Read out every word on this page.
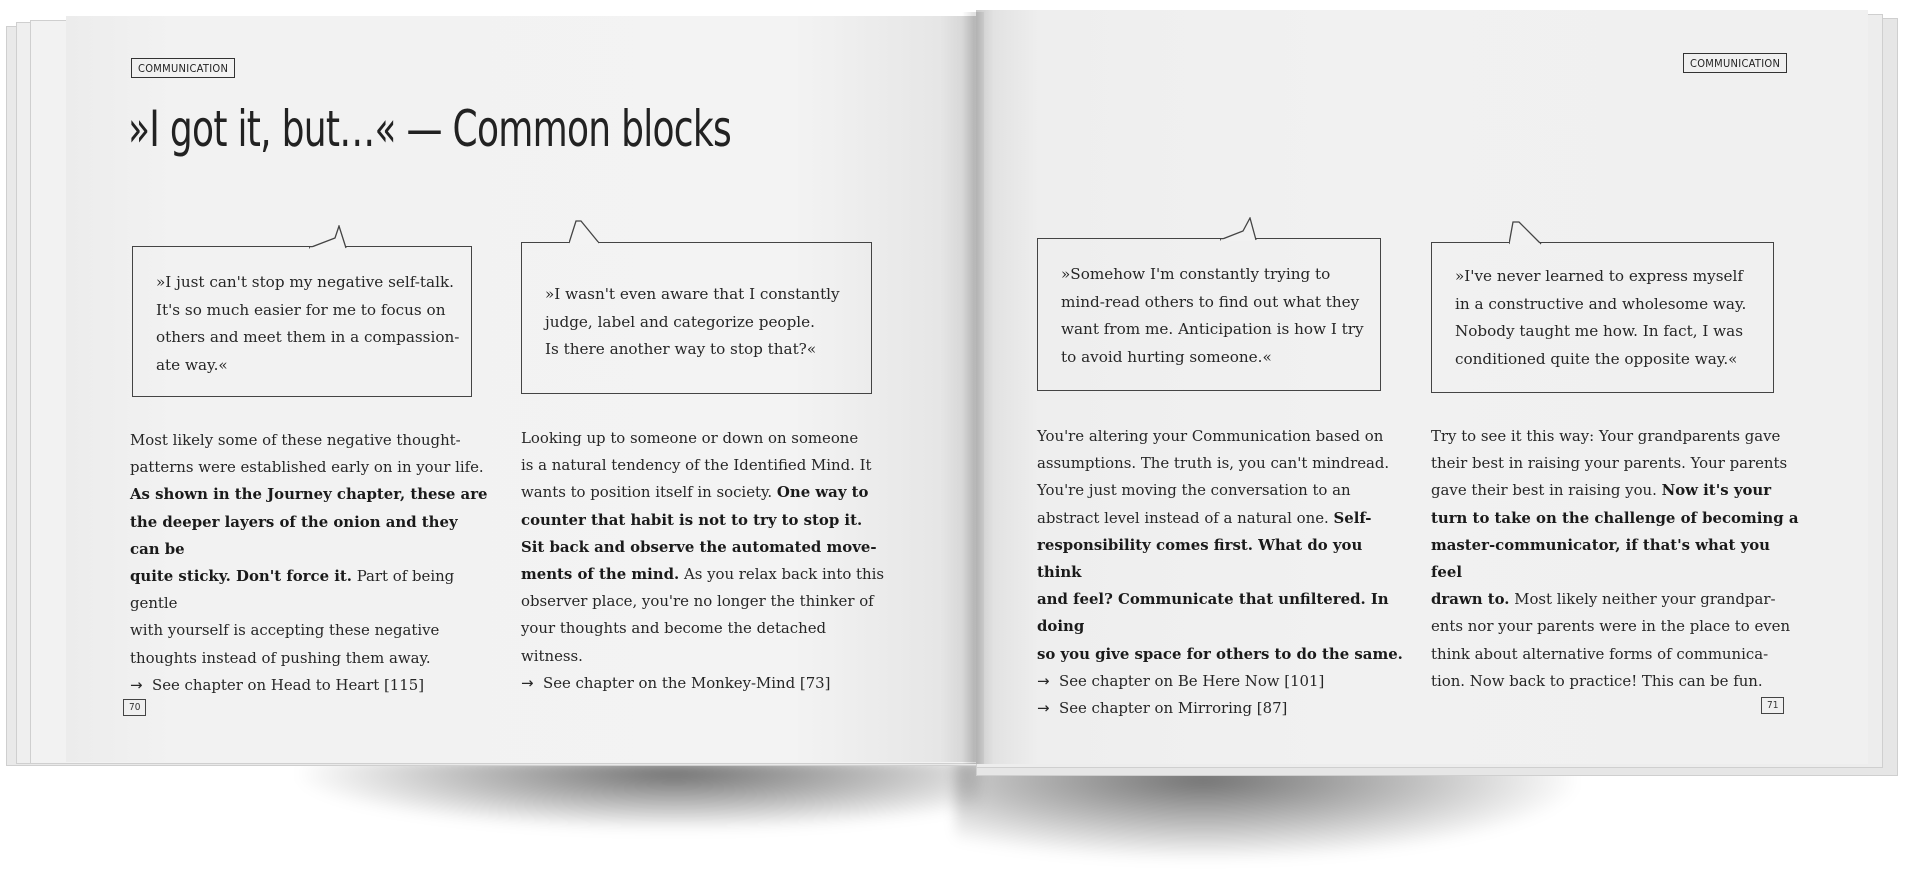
COMMUNICATION
»I got it, but…« — Common blocks

»I just can't stop my negative self-talk.

It's so much easier for me to focus on

others and meet them in a compassion-

ate way.«

»I wasn't even aware that I constantly

judge, label and categorize people.

Is there another way to stop that?«

Most likely some of these negative thought-

patterns were established early on in your life.

As shown in the Journey chapter, these are

the deeper layers of the onion and they can be

quite sticky. Don't force it. Part of being gentle

with yourself is accepting these negative

thoughts instead of pushing them away.

→ See chapter on Head to Heart [115]

Looking up to someone or down on someone

is a natural tendency of the Identified Mind. It

wants to position itself in society. One way to

counter that habit is not to try to stop it.

Sit back and observe the automated move-

ments of the mind. As you relax back into this

observer place, you're no longer the thinker of

your thoughts and become the detached witness.

→ See chapter on the Monkey-Mind [73]

70
COMMUNICATION

»Somehow I'm constantly trying to

mind-read others to find out what they

want from me. Anticipation is how I try

to avoid hurting someone.«

»I've never learned to express myself

in a constructive and wholesome way.

Nobody taught me how. In fact, I was

conditioned quite the opposite way.«

You're altering your Communication based on

assumptions. The truth is, you can't mindread.

You're just moving the conversation to an

abstract level instead of a natural one. Self-

responsibility comes first. What do you think

and feel? Communicate that unfiltered. In doing

so you give space for others to do the same.

→ See chapter on Be Here Now [101]

→ See chapter on Mirroring [87]

Try to see it this way: Your grandparents gave

their best in raising your parents. Your parents

gave their best in raising you. Now it's your

turn to take on the challenge of becoming a

master-communicator, if that's what you feel

drawn to. Most likely neither your grandpar-

ents nor your parents were in the place to even

think about alternative forms of communica-

tion. Now back to practice! This can be fun.

71
